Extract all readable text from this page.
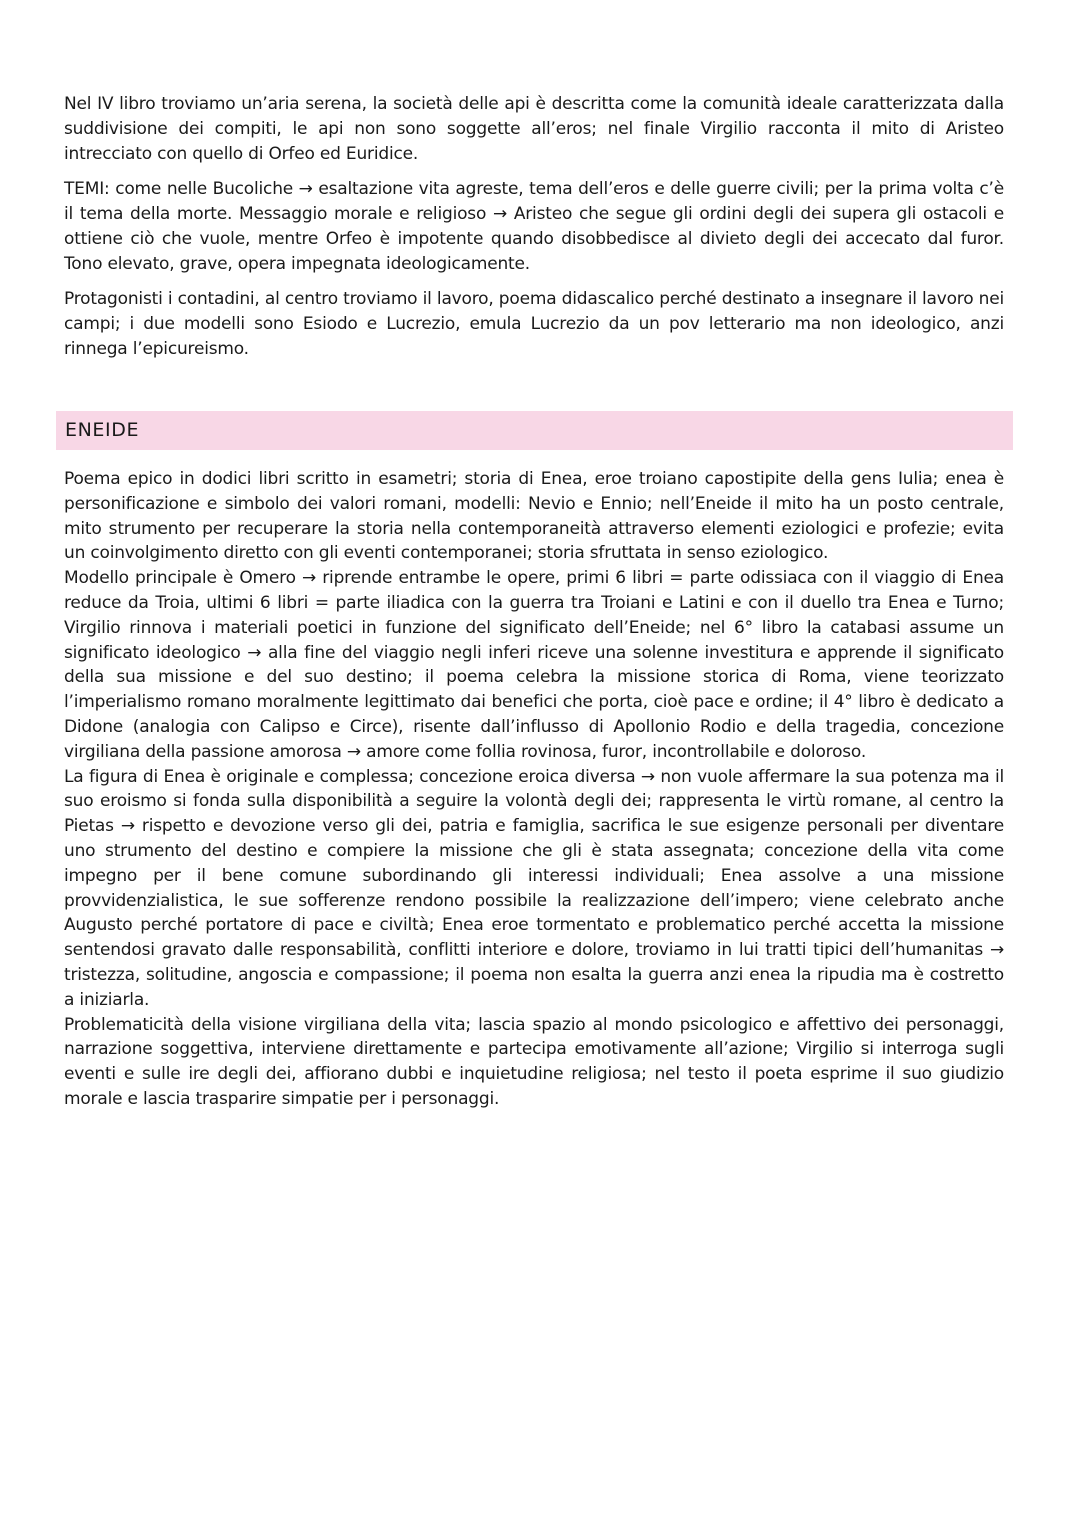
Nel IV libro troviamo un’aria serena, la società delle api è descritta come la comunità ideale caratterizzata dalla suddivisione dei compiti, le api non sono soggette all’eros; nel finale Virgilio racconta il mito di Aristeo intrecciato con quello di Orfeo ed Euridice.

TEMI: come nelle Bucoliche → esaltazione vita agreste, tema dell’eros e delle guerre civili; per la prima volta c’è il tema della morte. Messaggio morale e religioso → Aristeo che segue gli ordini degli dei supera gli ostacoli e ottiene ciò che vuole, mentre Orfeo è impotente quando disobbedisce al divieto degli dei accecato dal furor. Tono elevato, grave, opera impegnata ideologicamente.

Protagonisti i contadini, al centro troviamo il lavoro, poema didascalico perché destinato a insegnare il lavoro nei campi; i due modelli sono Esiodo e Lucrezio, emula Lucrezio da un pov letterario ma non ideologico, anzi rinnega l’epicureismo.

ENEIDE

Poema epico in dodici libri scritto in esametri; storia di Enea, eroe troiano capostipite della gens Iulia; enea è personificazione e simbolo dei valori romani, modelli: Nevio e Ennio; nell’Eneide il mito ha un posto centrale, mito strumento per recuperare la storia nella contemporaneità attraverso elementi eziologici e profezie; evita un coinvolgimento diretto con gli eventi contemporanei; storia sfruttata in senso eziologico.

Modello principale è Omero → riprende entrambe le opere, primi 6 libri = parte odissiaca con il viaggio di Enea reduce da Troia, ultimi 6 libri = parte iliadica con la guerra tra Troiani e Latini e con il duello tra Enea e Turno; Virgilio rinnova i materiali poetici in funzione del significato dell’Eneide; nel 6° libro la catabasi assume un significato ideologico → alla fine del viaggio negli inferi riceve una solenne investitura e apprende il significato della sua missione e del suo destino; il poema celebra la missione storica di Roma, viene teorizzato l’imperialismo romano moralmente legittimato dai benefici che porta, cioè pace e ordine; il 4° libro è dedicato a Didone (analogia con Calipso e Circe), risente dall’influsso di Apollonio Rodio e della tragedia, concezione virgiliana della passione amorosa → amore come follia rovinosa, furor, incontrollabile e doloroso.

La figura di Enea è originale e complessa; concezione eroica diversa → non vuole affermare la sua potenza ma il suo eroismo si fonda sulla disponibilità a seguire la volontà degli dei; rappresenta le virtù romane, al centro la Pietas → rispetto e devozione verso gli dei, patria e famiglia, sacrifica le sue esigenze personali per diventare uno strumento del destino e compiere la missione che gli è stata assegnata; concezione della vita come impegno per il bene comune subordinando gli interessi individuali; Enea assolve a una missione provvidenzialistica, le sue sofferenze rendono possibile la realizzazione dell’impero; viene celebrato anche Augusto perché portatore di pace e civiltà; Enea eroe tormentato e problematico perché accetta la missione sentendosi gravato dalle responsabilità, conflitti interiore e dolore, troviamo in lui tratti tipici dell’humanitas → tristezza, solitudine, angoscia e compassione; il poema non esalta la guerra anzi enea la ripudia ma è costretto a iniziarla.

Problematicità della visione virgiliana della vita; lascia spazio al mondo psicologico e affettivo dei personaggi, narrazione soggettiva, interviene direttamente e partecipa emotivamente all’azione; Virgilio si interroga sugli eventi e sulle ire degli dei, affiorano dubbi e inquietudine religiosa; nel testo il poeta esprime il suo giudizio morale e lascia trasparire simpatie per i personaggi.
